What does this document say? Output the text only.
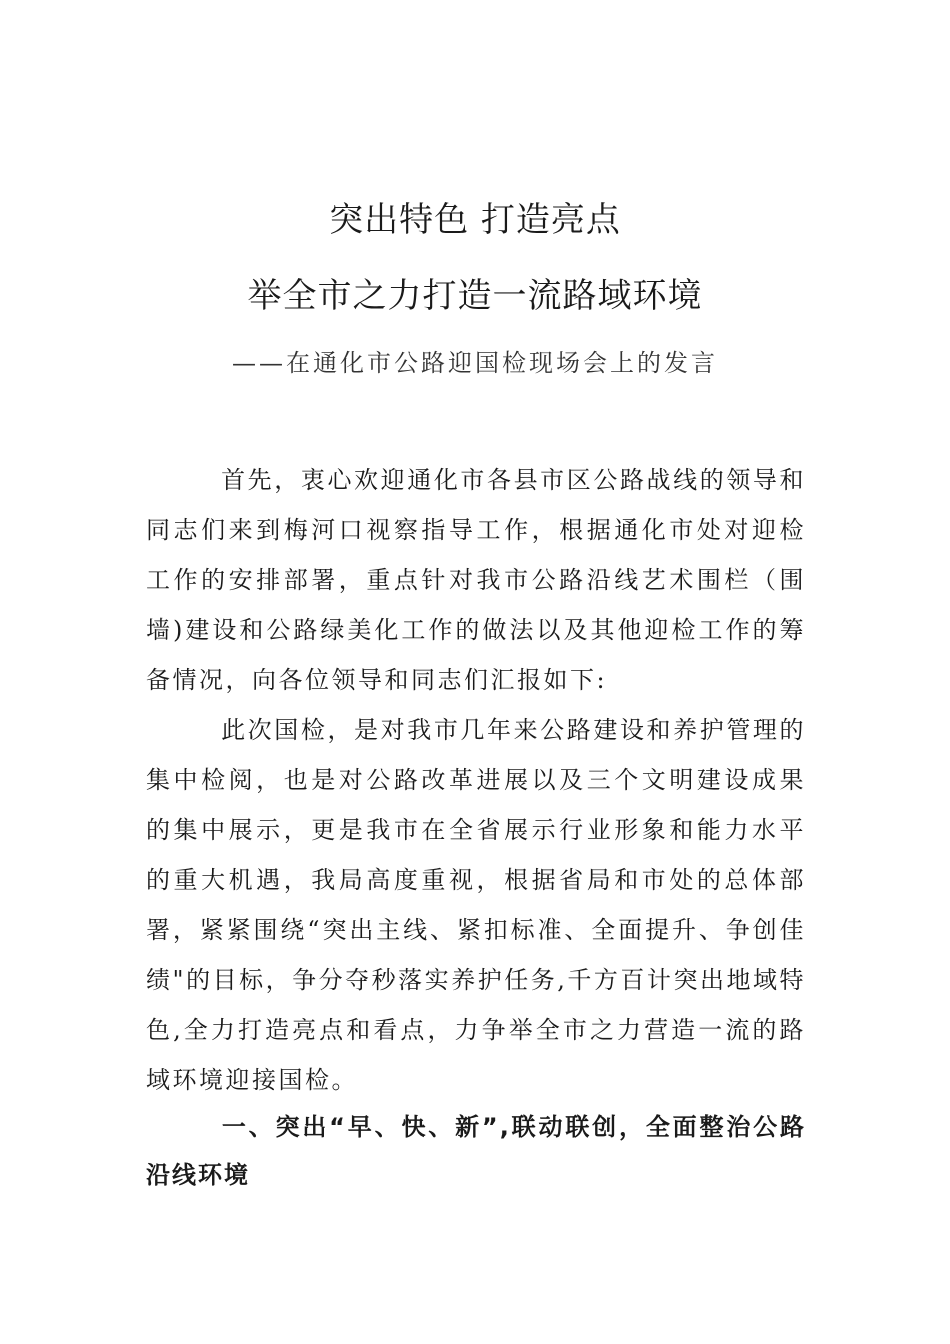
突出特色 打造亮点
举全市之力打造一流路域环境

——在通化市公路迎国检现场会上的发言

首先，衷心欢迎通化市各县市区公路战线的领导和同志们来到梅河口视察指导工作，根据通化市处对迎检工作的安排部署，重点针对我市公路沿线艺术围栏（围墙)建设和公路绿美化工作的做法以及其他迎检工作的筹备情况，向各位领导和同志们汇报如下:

此次国检，是对我市几年来公路建设和养护管理的集中检阅，也是对公路改革进展以及三个文明建设成果的集中展示，更是我市在全省展示行业形象和能力水平的重大机遇，我局高度重视，根据省局和市处的总体部署，紧紧围绕“突出主线、紧扣标准、全面提升、争创佳绩"的目标，争分夺秒落实养护任务,千方百计突出地域特色,全力打造亮点和看点，力争举全市之力营造一流的路域环境迎接国检。

一、突出“早、快、新”,联动联创，全面整治公路沿线环境
